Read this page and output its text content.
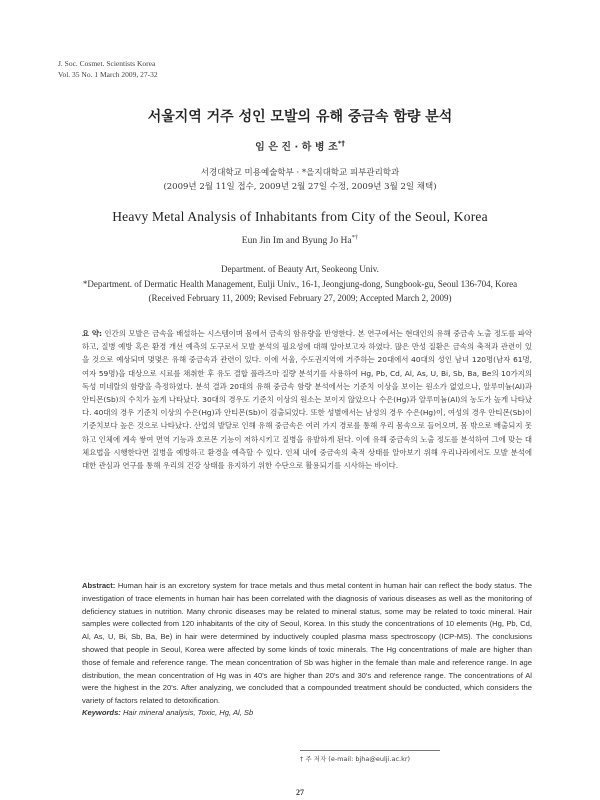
J. Soc. Cosmet. Scientists Korea
Vol. 35 No. 1 March 2009, 27-32
서울지역 거주 성인 모발의 유해 중금속 함량 분석
임 은 진 · 하 병 조*†
서경대학교 미용예술학부 · *을지대학교 피부관리학과
(2009년 2월 11일 접수, 2009년 2월 27일 수정, 2009년 3월 2일 채택)
Heavy Metal Analysis of Inhabitants from City of the Seoul, Korea
Eun Jin Im and Byung Jo Ha*†
Department. of Beauty Art, Seokeong Univ.
*Department. of Dermatic Health Management, Eulji Univ., 16-1, Jeongjung-dong, Sungbook-gu, Seoul 136-704, Korea
(Received February 11, 2009; Revised February 27, 2009; Accepted March 2, 2009)
요 약: 인간의 모발은 금속을 배설하는 시스템이며 몸에서 금속의 함유량을 반영한다. 본 연구에서는 현대인의 유해 중금속 노출 정도를 파악하고, 질병 예방 혹은 환경 개선 예측의 도구로서 모발 분석의 필요성에 대해 알아보고자 하였다. 많은 만성 질환은 금속의 축적과 관련이 있을 것으로 예상되며 몇몇은 유해 중금속과 관련이 있다. 이에 서울, 수도권지역에 거주하는 20대에서 40대의 성인 남녀 120명(남자 61명, 여자 59명)을 대상으로 시료를 채취한 후 유도 결합 플라즈마 질량 분석기를 사용하여 Hg, Pb, Cd, Al, As, U, Bi, Sb, Ba, Be의 10가지의 독성 미네랄의 함량을 측정하였다. 분석 결과 20대의 유해 중금속 함량 분석에서는 기준치 이상을 보이는 원소가 없었으나, 알루미늄(Al)과 안티몬(Sb)의 수치가 높게 나타났다. 30대의 경우도 기준치 이상의 원소는 보이지 않았으나 수은(Hg)과 알루미늄(Al)의 농도가 높게 나타났다. 40대의 경우 기준치 이상의 수은(Hg)과 안티몬(Sb)이 검출되었다. 또한 성별에서는 남성의 경우 수은(Hg)이, 여성의 경우 안티몬(Sb)이 기준치보다 높은 것으로 나타났다. 산업의 발달로 인해 유해 중금속은 여러 가지 경로를 통해 우리 몸속으로 들어오며, 몸 밖으로 배출되지 못하고 인체에 계속 쌓여 면역 기능과 호르몬 기능이 저하시키고 질병을 유발하게 된다. 이에 유해 중금속의 노출 정도를 분석하여 그에 맞는 대체요법을 시행한다면 질병을 예방하고 환경을 예측할 수 있다. 인체 내에 중금속의 축적 상태를 알아보기 위해 우리나라에서도 모발 분석에 대한 관심과 연구를 통해 우리의 건강 상태를 유지하기 위한 수단으로 활용되기를 시사하는 바이다.
Abstract: Human hair is an excretory system for trace metals and thus metal content in human hair can reflect the body status. The investigation of trace elements in human hair has been correlated with the diagnosis of various diseases as well as the monitoring of deficiency statues in nutrition. Many chronic diseases may be related to mineral status, some may be related to toxic mineral. Hair samples were collected from 120 inhabitants of the city of Seoul, Korea. In this study the concentrations of 10 elements (Hg, Pb, Cd, Al, As, U, Bi, Sb, Ba, Be) in hair were determined by inductively coupled plasma mass spectroscopy (ICP-MS). The conclusions showed that people in Seoul, Korea were affected by some kinds of toxic minerals. The Hg concentrations of male are higher than those of female and reference range. The mean concentration of Sb was higher in the female than male and reference range. In age distribution, the mean concentration of Hg was in 40's are higher than 20's and 30's and reference range. The concentrations of Al were the highest in the 20's. After analyzing, we concluded that a compounded treatment should be conducted, which considers the variety of factors related to detoxification.
Keywords: Hair mineral analysis, Toxic, Hg, Al, Sb
† 주 저자 (e-mail: bjha@eulji.ac.kr)
27
